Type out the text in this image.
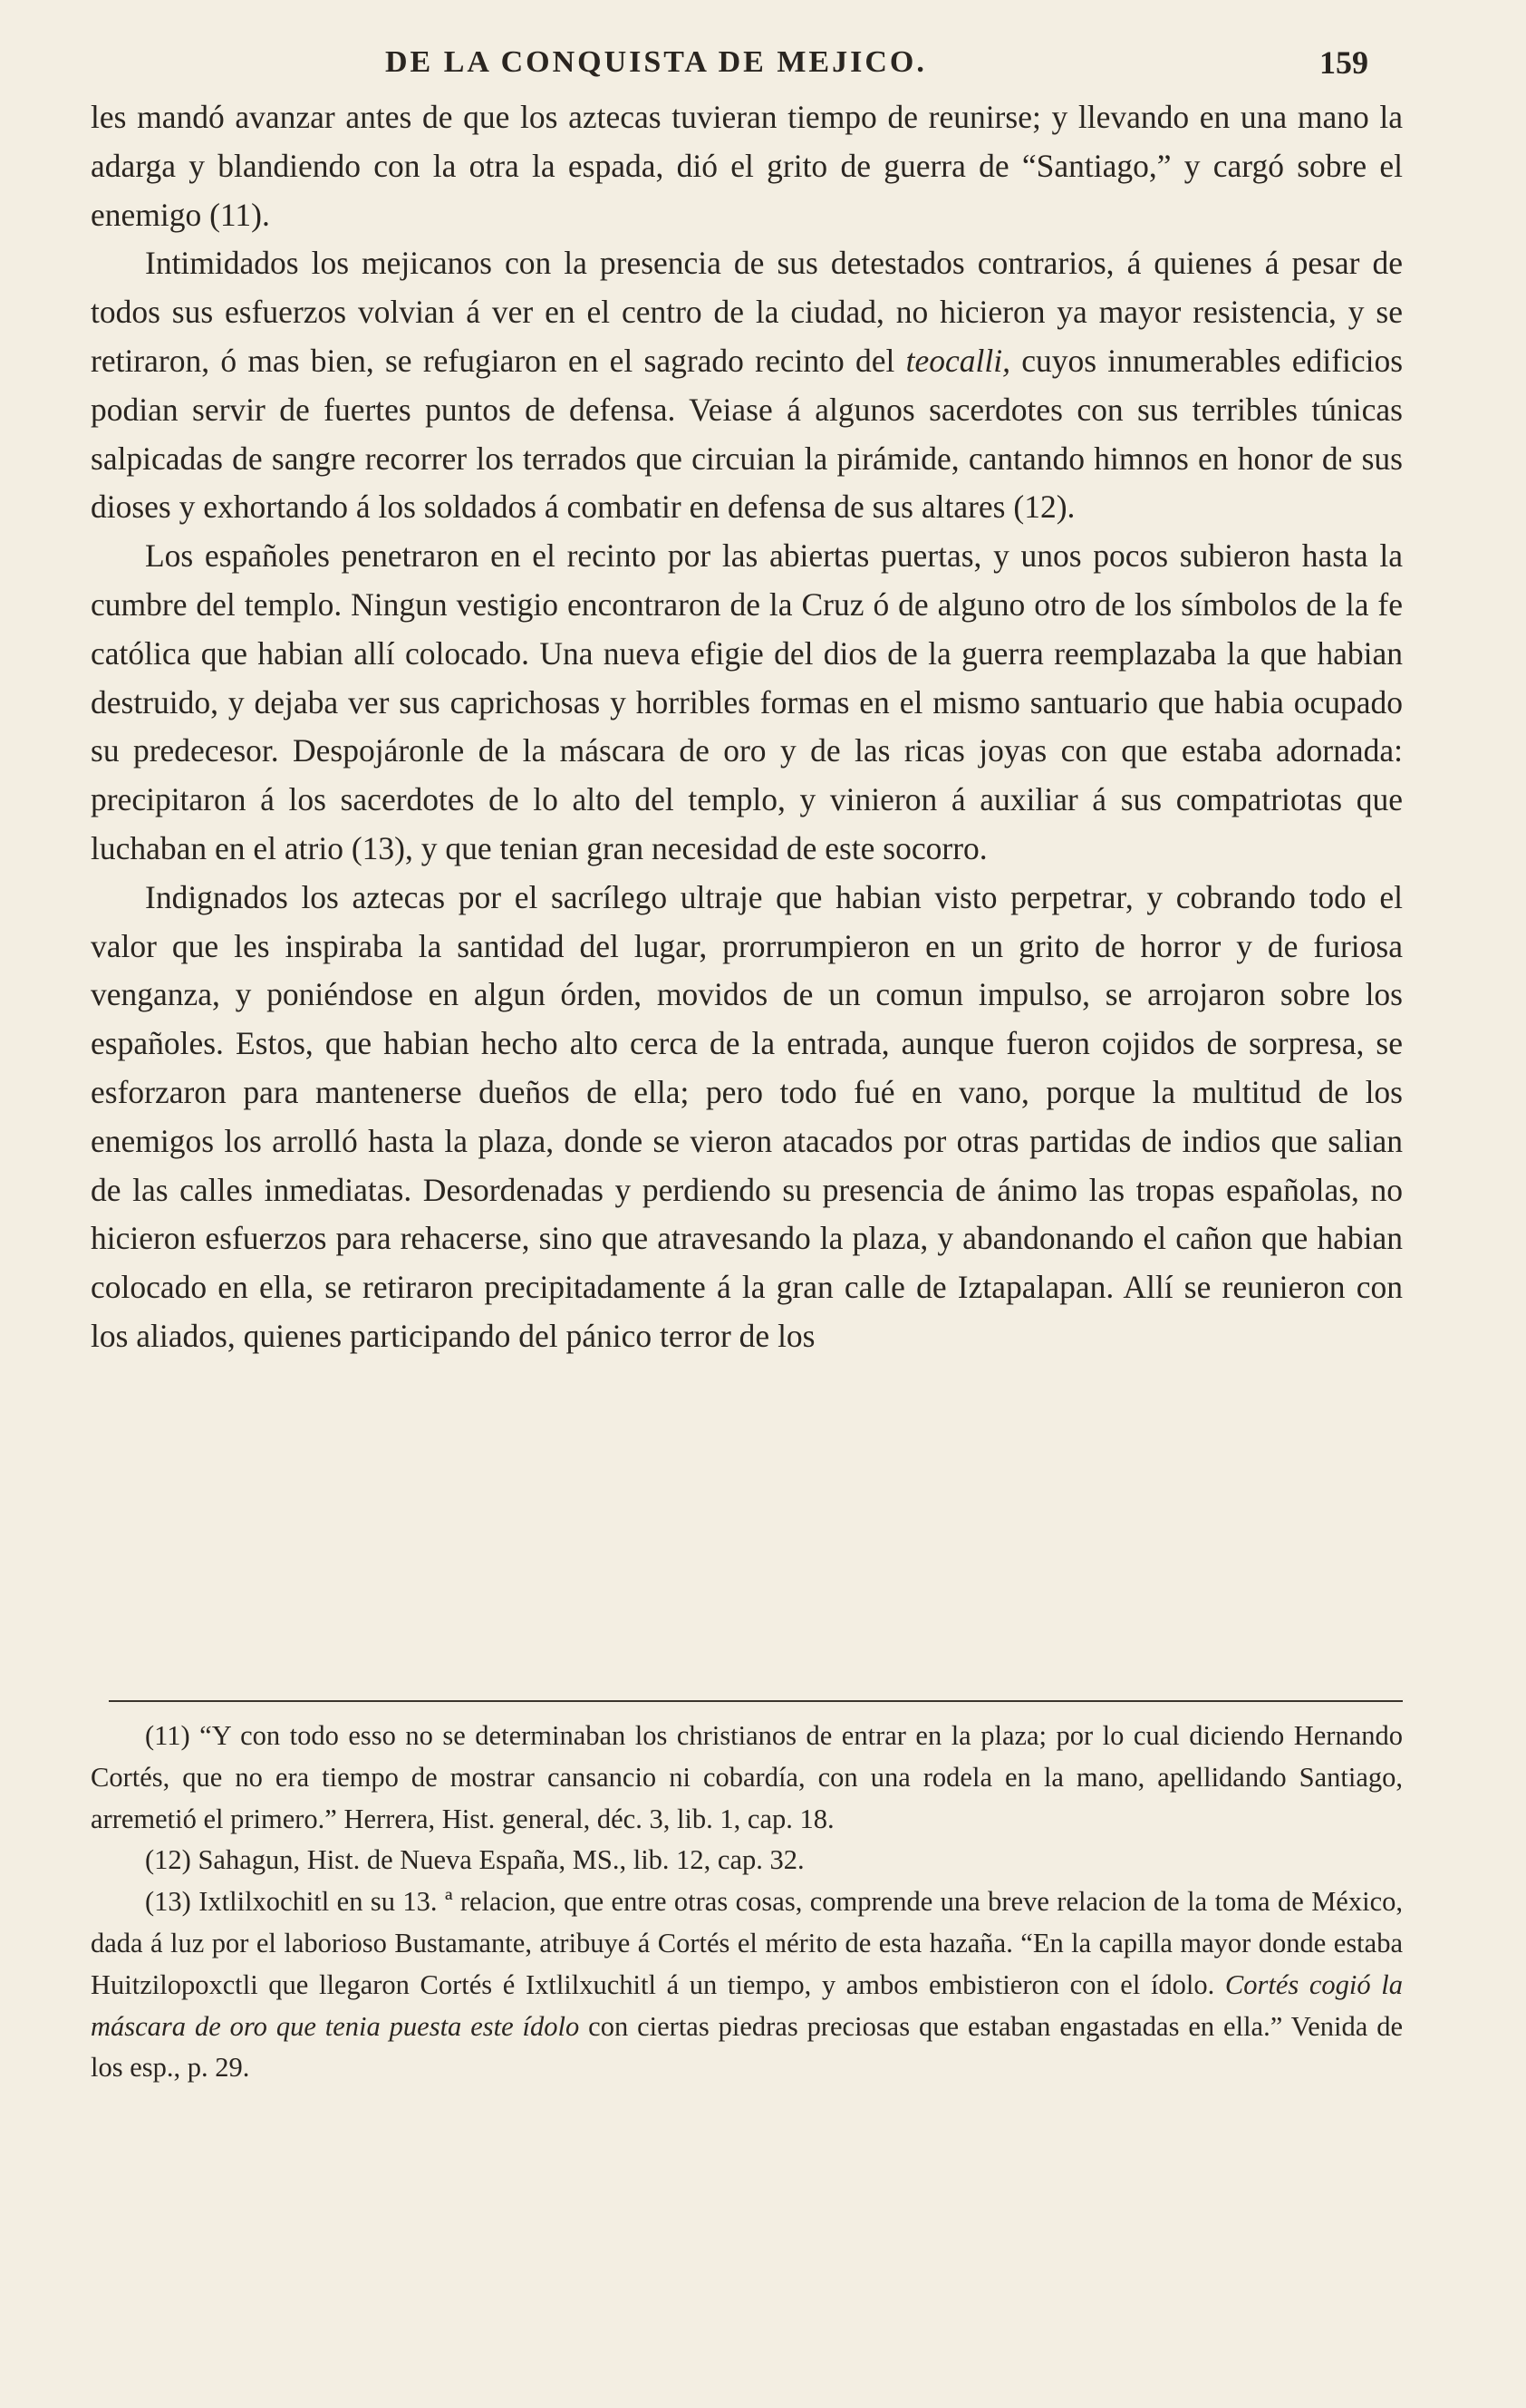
DE LA CONQUISTA DE MEJICO.	159

les mandó avanzar antes de que los aztecas tuvieran tiempo de reunirse; y llevando en una mano la adarga y blandiendo con la otra la espada, dió el grito de guerra de “Santiago,” y cargó sobre el enemigo (11).

Intimidados los mejicanos con la presencia de sus detestados contrarios, á quienes á pesar de todos sus esfuerzos volvian á ver en el centro de la ciudad, no hicieron ya mayor resistencia, y se retiraron, ó mas bien, se refugiaron en el sagrado recinto del teocalli, cuyos innumerables edificios podian servir de fuertes puntos de defensa. Veiase á algunos sacerdotes con sus terribles túnicas salpicadas de sangre recorrer los terrados que circuian la pirámide, cantando himnos en honor de sus dioses y exhortando á los soldados á combatir en defensa de sus altares (12).

Los españoles penetraron en el recinto por las abiertas puertas, y unos pocos subieron hasta la cumbre del templo. Ningun vestigio encontraron de la Cruz ó de alguno otro de los símbolos de la fe católica que habian allí colocado. Una nueva efigie del dios de la guerra reemplazaba la que habian destruido, y dejaba ver sus caprichosas y horribles formas en el mismo santuario que habia ocupado su predecesor. Despojáronle de la máscara de oro y de las ricas joyas con que estaba adornada: precipitaron á los sacerdotes de lo alto del templo, y vinieron á auxiliar á sus compatriotas que luchaban en el atrio (13), y que tenian gran necesidad de este socorro.

Indignados los aztecas por el sacrílego ultraje que habian visto perpetrar, y cobrando todo el valor que les inspiraba la santidad del lugar, prorrumpieron en un grito de horror y de furiosa venganza, y poniéndose en algun órden, movidos de un comun impulso, se arrojaron sobre los españoles. Estos, que habian hecho alto cerca de la entrada, aunque fueron cojidos de sorpresa, se esforzaron para mantenerse dueños de ella; pero todo fué en vano, porque la multitud de los enemigos los arrolló hasta la plaza, donde se vieron atacados por otras partidas de indios que salian de las calles inmediatas. Desordenadas y perdiendo su presencia de ánimo las tropas españolas, no hicieron esfuerzos para rehacerse, sino que atravesando la plaza, y abandonando el cañon que habian colocado en ella, se retiraron precipitadamente á la gran calle de Iztapalapan. Allí se reunieron con los aliados, quienes participando del pánico terror de los

(11) “Y con todo esso no se determinaban los christianos de entrar en la plaza; por lo cual diciendo Hernando Cortés, que no era tiempo de mostrar cansancio ni cobardía, con una rodela en la mano, apellidando Santiago, arremetió el primero.” Herrera, Hist. general, déc. 3, lib. 1, cap. 18.

(12) Sahagun, Hist. de Nueva España, MS., lib. 12, cap. 32.

(13) Ixtlilxochitl en su 13. ª relacion, que entre otras cosas, comprende una breve relacion de la toma de México, dada á luz por el laborioso Bustamante, atribuye á Cortés el mérito de esta hazaña. “En la capilla mayor donde estaba Huitzilopoxctli que llegaron Cortés é Ixtlilxuchitl á un tiempo, y ambos embistieron con el ídolo. Cortés cogió la máscara de oro que tenia puesta este ídolo con ciertas piedras preciosas que estaban engastadas en ella.” Venida de los esp., p. 29.
